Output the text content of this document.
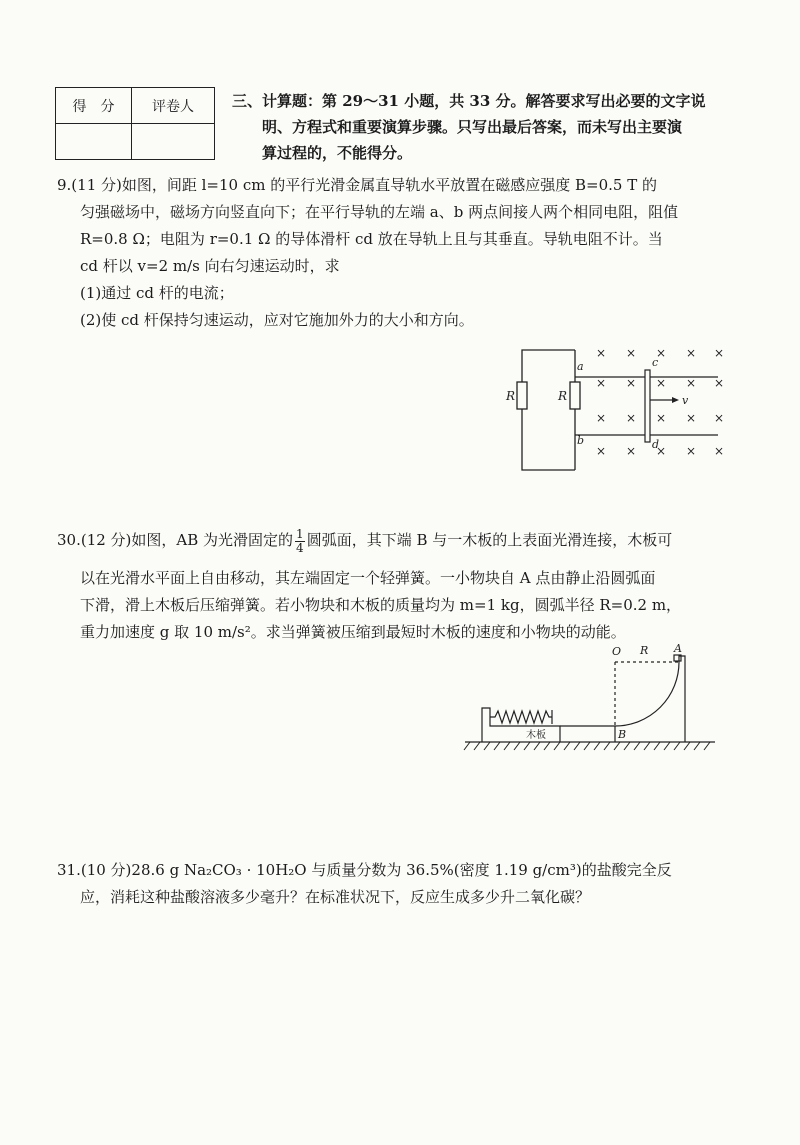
得　分	评卷人
		三、计算题：第 29～31 小题，共 33 分。解答要求写出必要的文字说
明、方程式和重要演算步骤。只写出最后答案，而未写出主要演
算过程的，不能得分。
9.(11 分)如图，间距 l=10 cm 的平行光滑金属直导轨水平放置在磁感应强度 B=0.5 T 的
匀强磁场中，磁场方向竖直向下；在平行导轨的左端 a、b 两点间接人两个相同电阻，阻值
R=0.8 Ω；电阻为 r=0.1 Ω 的导体滑杆 cd 放在导轨上且与其垂直。导轨电阻不计。当
cd 杆以 v=2 m/s 向右匀速运动时，求
(1)通过 cd 杆的电流；
(2)使 cd 杆保持匀速运动，应对它施加外力的大小和方向。
R	R
a
b
c
d
v
× × × × ×
× × × × ×
× × × × ×
× × × × ×
30.(12 分)如图，AB 为光滑固定的 $\frac{1}{4}$ 圆弧面，其下端 B 与一木板的上表面光滑连接，木板可
以在光滑水平面上自由移动，其左端固定一个轻弹簧。一小物块自 A 点由静止沿圆弧面
下滑，滑上木板后压缩弹簧。若小物块和木板的质量均为 m=1 kg，圆弧半径 R=0.2 m，
重力加速度 g 取 10 m/s²。求当弹簧被压缩到最短时木板的速度和小物块的动能。
O R A
B
木板
31.(10 分)28.6 g Na₂CO₃ · 10H₂O 与质量分数为 36.5%(密度 1.19 g/cm³)的盐酸完全反
应，消耗这种盐酸溶液多少毫升？在标准状况下，反应生成多少升二氧化碳？
